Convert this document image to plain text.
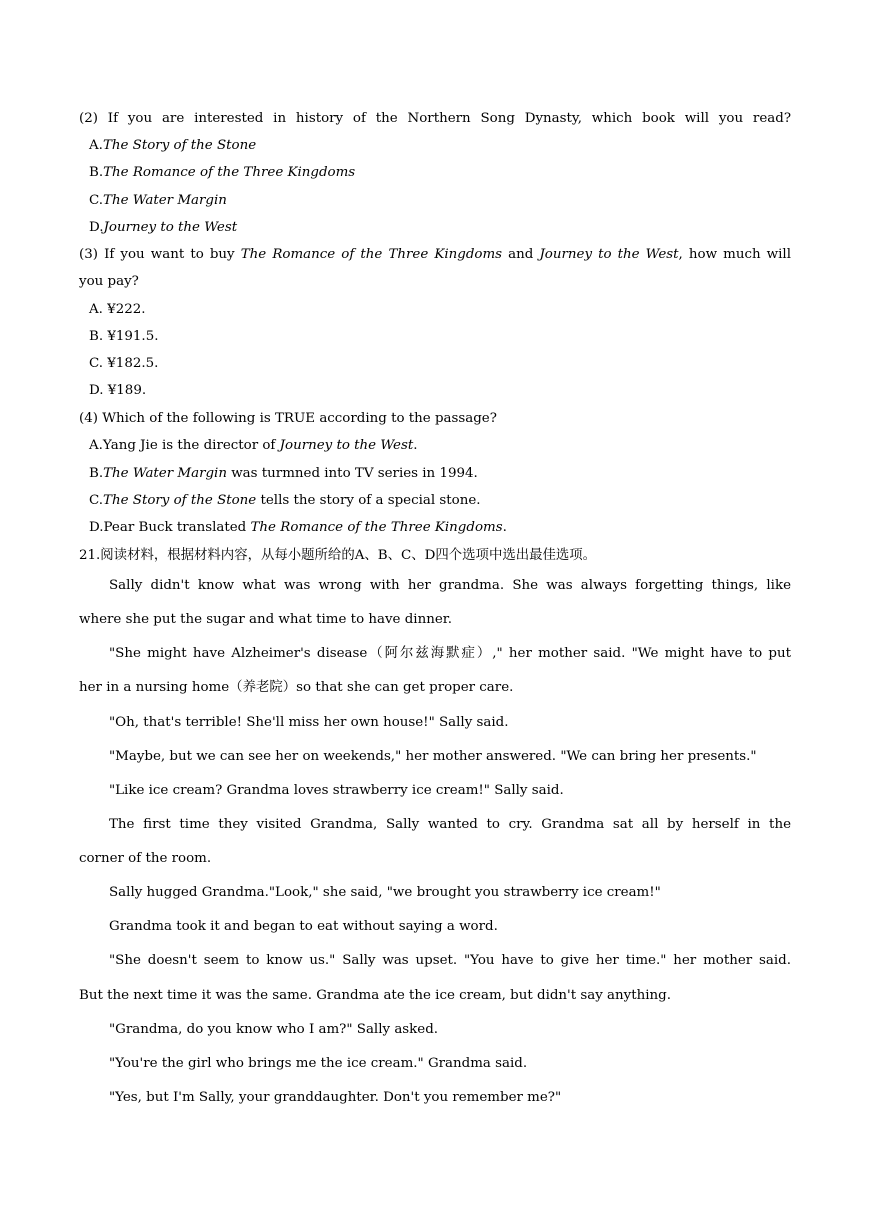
(2) If you are interested in history of the Northern Song Dynasty, which book will you read?
A.The Story of the Stone
B.The Romance of the Three Kingdoms
C.The Water Margin
D.Journey to the West
(3) If you want to buy The Romance of the Three Kingdoms and Journey to the West, how much will
you pay?
A. ¥222.
B. ¥191.5.
C. ¥182.5.
D. ¥189.
(4) Which of the following is TRUE according to the passage?
A.Yang Jie is the director of Journey to the West.
B.The Water Margin was turmned into TV series in 1994.
C.The Story of the Stone tells the story of a special stone.
D.Pear Buck translated The Romance of the Three Kingdoms.
21.阅读材料，根据材料内容，从每小题所给的A、B、C、D四个选项中选出最佳选项。
Sally didn't know what was wrong with her grandma. She was always forgetting things, like
where she put the sugar and what time to have dinner.
"She might have Alzheimer's disease（阿尔兹海默症）," her mother said. "We might have to put
her in a nursing home（养老院）so that she can get proper care.
"Oh, that's terrible! She'll miss her own house!" Sally said.
"Maybe, but we can see her on weekends," her mother answered. "We can bring her presents."
"Like ice cream? Grandma loves strawberry ice cream!" Sally said.
The first time they visited Grandma, Sally wanted to cry. Grandma sat all by herself in the
corner of the room.
Sally hugged Grandma."Look," she said, "we brought you strawberry ice cream!"
Grandma took it and began to eat without saying a word.
"She doesn't seem to know us." Sally was upset. "You have to give her time." her mother said.
But the next time it was the same. Grandma ate the ice cream, but didn't say anything.
"Grandma, do you know who I am?" Sally asked.
"You're the girl who brings me the ice cream." Grandma said.
"Yes, but I'm Sally, your granddaughter. Don't you remember me?"
